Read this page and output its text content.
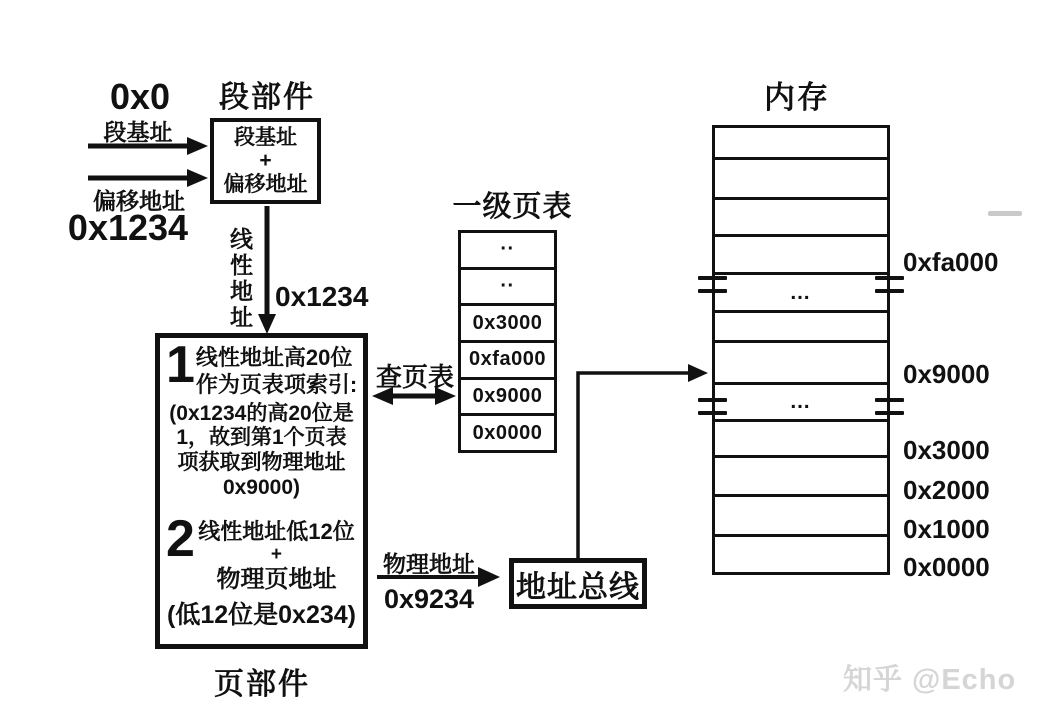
0x0
段基址
偏移地址
0x1234
段部件
段基址
+
偏移地址
线性地址 0x1234
1 线性地址高20位
作为页表项索引:
(0x1234的高20位是1，故到第1个页表项获取到物理地址0x9000)
2 线性地址低12位
+
物理页地址
(低12位是0x234)
页部件
查页表
一级页表
··
··
0x3000
0xfa000
0x9000
0x0000
物理地址
0x9234 地址总线
内存
…
…
0xfa000
0x9000
0x3000
0x2000
0x1000
0x0000
知乎 @Echo
